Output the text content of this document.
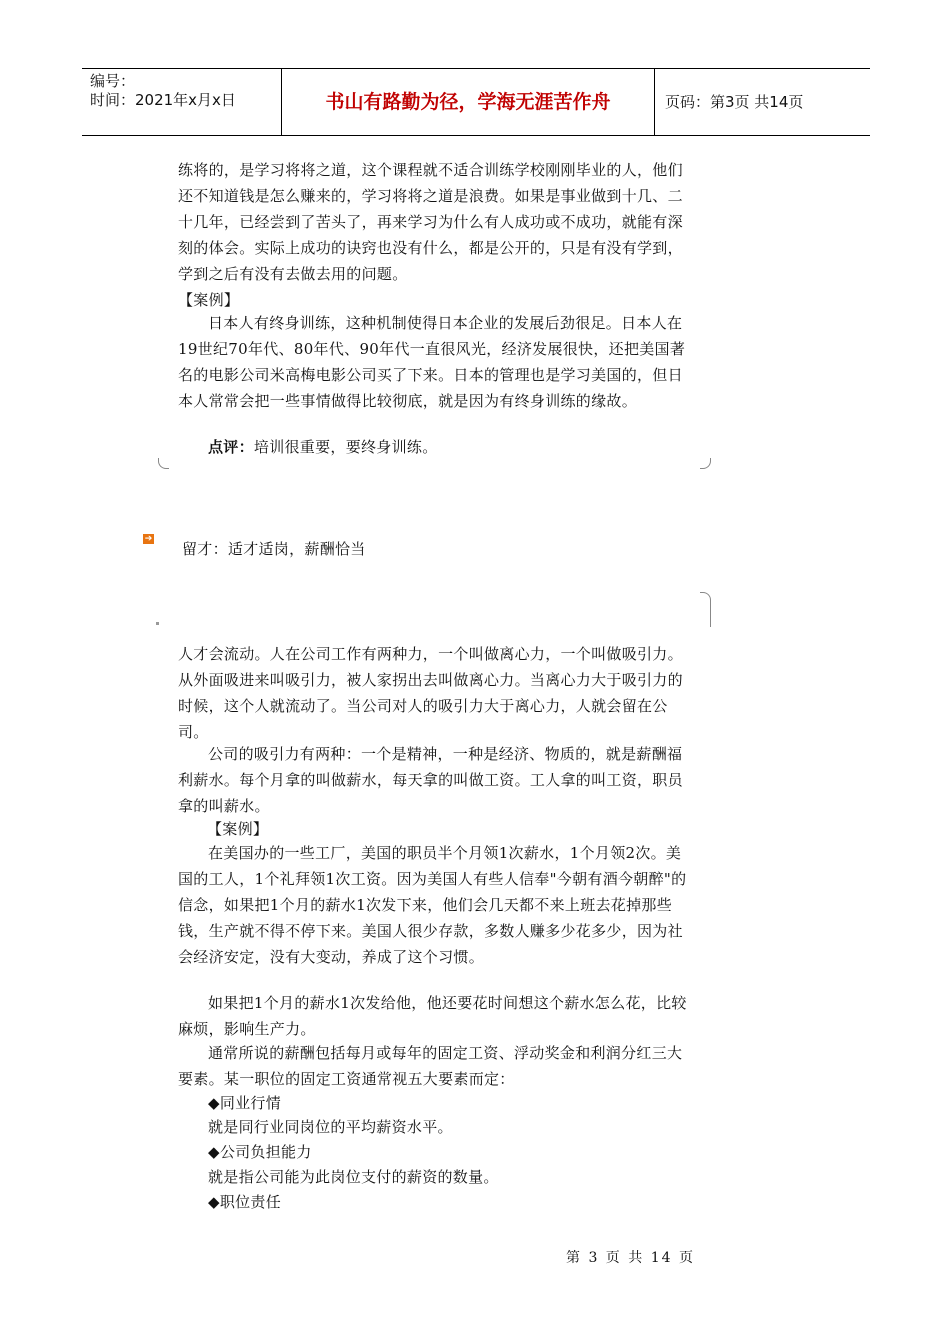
编号：
时间：2021年x月x日	书山有路勤为径，学海无涯苦作舟	页码：第3页 共14页

练将的，是学习将将之道，这个课程就不适合训练学校刚刚毕业的人，他们还不知道钱是怎么赚来的，学习将将之道是浪费。如果是事业做到十几、二十几年，已经尝到了苦头了，再来学习为什么有人成功或不成功，就能有深刻的体会。实际上成功的诀窍也没有什么，都是公开的，只是有没有学到，学到之后有没有去做去用的问题。

【案例】

日本人有终身训练，这种机制使得日本企业的发展后劲很足。日本人在19世纪70年代、80年代、90年代一直很风光，经济发展很快，还把美国著名的电影公司米高梅电影公司买了下来。日本的管理也是学习美国的，但日本人常常会把一些事情做得比较彻底，就是因为有终身训练的缘故。

点评：培训很重要，要终身训练。

➔

留才：适才适岗，薪酬恰当

人才会流动。人在公司工作有两种力，一个叫做离心力，一个叫做吸引力。从外面吸进来叫吸引力，被人家拐出去叫做离心力。当离心力大于吸引力的时候，这个人就流动了。当公司对人的吸引力大于离心力，人就会留在公司。

公司的吸引力有两种：一个是精神，一种是经济、物质的，就是薪酬福利薪水。每个月拿的叫做薪水，每天拿的叫做工资。工人拿的叫工资，职员拿的叫薪水。

【案例】

在美国办的一些工厂，美国的职员半个月领1次薪水，1个月领2次。美国的工人，1个礼拜领1次工资。因为美国人有些人信奉"今朝有酒今朝醉"的信念，如果把1个月的薪水1次发下来，他们会几天都不来上班去花掉那些钱，生产就不得不停下来。美国人很少存款，多数人赚多少花多少，因为社会经济安定，没有大变动，养成了这个习惯。

如果把1个月的薪水1次发给他，他还要花时间想这个薪水怎么花，比较麻烦，影响生产力。

通常所说的薪酬包括每月或每年的固定工资、浮动奖金和利润分红三大要素。某一职位的固定工资通常视五大要素而定：

◆同业行情

就是同行业同岗位的平均薪资水平。

◆公司负担能力

就是指公司能为此岗位支付的薪资的数量。

◆职位责任

第 3 页 共 14 页
